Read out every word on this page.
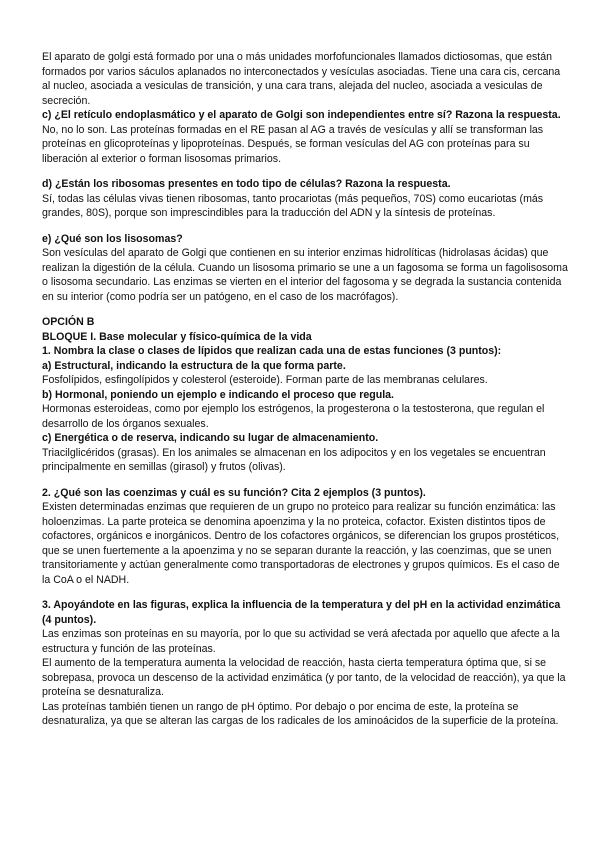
El aparato de golgi está formado por una o más unidades morfofuncionales llamados dictiosomas, que están formados por varios sáculos aplanados no interconectados y vesículas asociadas. Tiene una cara cis, cercana al nucleo, asociada a vesiculas de transición, y una cara trans, alejada del nucleo, asociada a vesiculas de secreción.

c) ¿El retículo endoplasmático y el aparato de Golgi son independientes entre sí? Razona la respuesta.

No, no lo son. Las proteínas formadas en el RE pasan al AG a través de vesículas y allí se transforman las proteínas en glicoproteínas y lipoproteínas. Después, se forman vesículas del AG con proteínas para su liberación al exterior o forman lisosomas primarios.

d) ¿Están los ribosomas presentes en todo tipo de células? Razona la respuesta.

Sí, todas las células vivas tienen ribosomas, tanto procariotas (más pequeños, 70S) como eucariotas (más grandes, 80S), porque son imprescindibles para la traducción del ADN y la síntesis de proteínas.

e) ¿Qué son los lisosomas?

Son vesículas del aparato de Golgi que contienen en su interior enzimas hidrolíticas (hidrolasas ácidas) que realizan la digestión de la célula. Cuando un lisosoma primario se une a un fagosoma se forma un fagolisosoma o lisosoma secundario. Las enzimas se vierten en el interior del fagosoma y se degrada la sustancia contenida en su interior (como podría ser un patógeno, en el caso de los macrófagos).

OPCIÓN B

BLOQUE I. Base molecular y físico-química de la vida

1. Nombra la clase o clases de lípidos que realizan cada una de estas funciones (3 puntos):

a) Estructural, indicando la estructura de la que forma parte.

Fosfolípidos, esfingolípidos y colesterol (esteroide). Forman parte de las membranas celulares.

b) Hormonal, poniendo un ejemplo e indicando el proceso que regula.

Hormonas esteroideas, como por ejemplo los estrógenos, la progesterona o la testosterona, que regulan el desarrollo de los órganos sexuales.

c) Energética o de reserva, indicando su lugar de almacenamiento.

Triacilglicéridos (grasas). En los animales se almacenan en los adipocitos y en los vegetales se encuentran principalmente en semillas (girasol) y frutos (olivas).

2. ¿Qué son las coenzimas y cuál es su función? Cita 2 ejemplos (3 puntos).

Existen determinadas enzimas que requieren de un grupo no proteico para realizar su función enzimática: las holoenzimas. La parte proteica se denomina apoenzima y la no proteica, cofactor. Existen distintos tipos de cofactores, orgánicos e inorgánicos. Dentro de los cofactores orgánicos, se diferencian los grupos prostéticos, que se unen fuertemente a la apoenzima y no se separan durante la reacción, y las coenzimas, que se unen transitoriamente y actúan generalmente como transportadoras de electrones y grupos químicos. Es el caso de la CoA o el NADH.

3. Apoyándote en las figuras, explica la influencia de la temperatura y del pH en la actividad enzimática (4 puntos).

Las enzimas son proteínas en su mayoría, por lo que su actividad se verá afectada por aquello que afecte a la estructura y función de las proteínas.

El aumento de la temperatura aumenta la velocidad de reacción, hasta cierta temperatura óptima que, si se sobrepasa, provoca un descenso de la actividad enzimática (y por tanto, de la velocidad de reacción), ya que la proteína se desnaturaliza.

Las proteínas también tienen un rango de pH óptimo. Por debajo o por encima de este, la proteína se desnaturaliza, ya que se alteran las cargas de los radicales de los aminoácidos de la superficie de la proteína.
